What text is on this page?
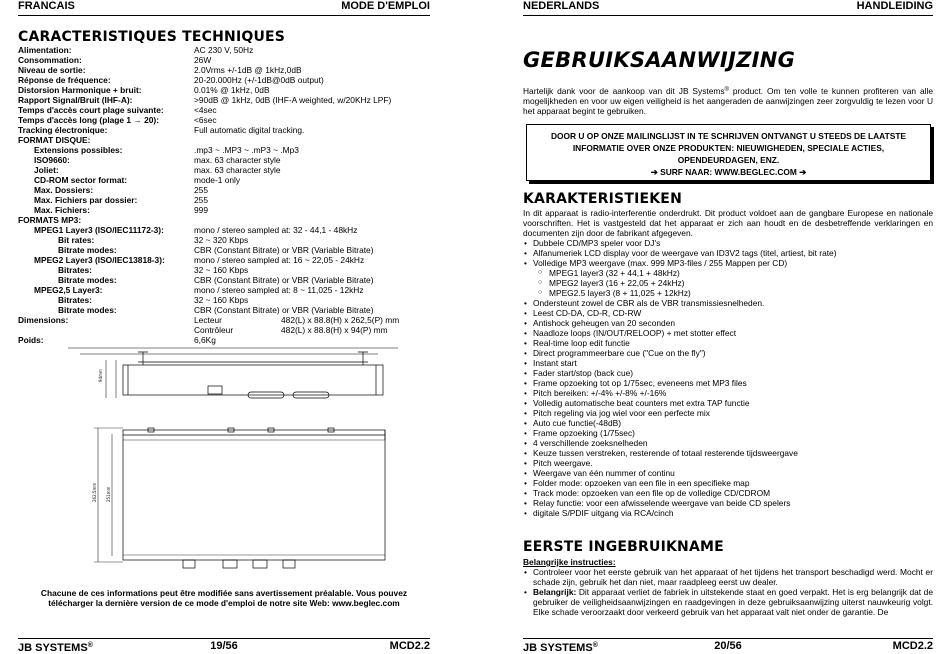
FRANCAIS	MODE D'EMPLOI
CARACTERISTIQUES TECHNIQUES
Alimentation:	AC 230 V, 50Hz
Consommation:	26W
Niveau de sortie:	2.0Vrms +/-1dB @ 1kHz,0dB
Réponse de fréquence:	20-20.000Hz (+/-1dB@0dB output)
Distorsion Harmonique + bruit:	0.01% @ 1kHz, 0dB
Rapport Signal/Bruit (IHF-A):	>90dB @ 1kHz, 0dB (IHF-A weighted, w/20KHz LPF)
Temps d'accès court plage suivante:	<4sec
Temps d'accès long (plage 1 → 20):	<6sec
Tracking électronique:	Full automatic digital tracking.
FORMAT DISQUE:
Extensions possibles:	.mp3 ~ .MP3 ~ .mP3 ~ .Mp3
ISO9660:	max. 63 character style
Joliet:	max. 63 character style
CD-ROM sector format:	mode-1 only
Max. Dossiers:	255
Max. Fichiers par dossier:	255
Max. Fichiers:	999
FORMATS MP3:
MPEG1 Layer3 (ISO/IEC11172-3):	mono / stereo sampled at: 32 - 44,1 - 48kHz
Bit rates:	32 ~ 320 Kbps
Bitrate modes:	CBR (Constant Bitrate) or VBR (Variable Bitrate)
MPEG2 Layer3 (ISO/IEC13818-3):	mono / stereo sampled at: 16 ~ 22,05 - 24kHz
Bitrates:	32 ~ 160 Kbps
Bitrate modes:	CBR (Constant Bitrate) or VBR (Variable Bitrate)
MPEG2,5 Layer3:	mono / stereo sampled at: 8 ~ 11,025 - 12kHz
Bitrates:	32 ~ 160 Kbps
Bitrate modes:	CBR (Constant Bitrate) or VBR (Variable Bitrate)
Dimensions:	Lecteur	482(L) x 88.8(H) x 262,5(P) mm
Contrôleur	482(L) x 88.8(H) x 94(P) mm
Poids:	6,6Kg
94mm
262.5mm 251mm
Chacune de ces informations peut être modifiée sans avertissement préalable. Vous pouvez télécharger la dernière version de ce mode d'emploi de notre site Web: www.beglec.com
JB SYSTEMS®	19/56	MCD2.2
NEDERLANDS	HANDLEIDING
GEBRUIKSAANWIJZING
Hartelijk dank voor de aankoop van dit JB Systems® product. Om ten volle te kunnen profiteren van alle mogelijkheden en voor uw eigen veiligheid is het aangeraden de aanwijzingen zeer zorgvuldig te lezen voor U het apparaat begint te gebruiken.
DOOR U OP ONZE MAILINGLIJST IN TE SCHRIJVEN ONTVANGT U STEEDS DE LAATSTE INFORMATIE OVER ONZE PRODUKTEN: NIEUWIGHEDEN, SPECIALE ACTIES, OPENDEURDAGEN, ENZ.
➔ SURF NAAR: WWW.BEGLEC.COM ➔
KARAKTERISTIEKEN
In dit apparaat is radio-interferentie onderdrukt. Dit product voldoet aan de gangbare Europese en nationale voorschriften. Het is vastgesteld dat het apparaat er zich aan houdt en de desbetreffende verklaringen en documenten zijn door de fabrikant afgegeven.
• Dubbele CD/MP3 speler voor DJ's
• Alfanumeriek LCD display voor de weergave van ID3V2 tags (titel, artiest, bit rate)
• Volledige MP3 weergave (max. 999 MP3-files / 255 Mappen per CD)
○ MPEG1 layer3 (32 + 44,1 + 48kHz)
○ MPEG2 layer3 (16 + 22,05 + 24kHz)
○ MPEG2.5 layer3 (8 + 11,025 + 12kHz)
• Ondersteunt zowel de CBR als de VBR transmissiesnelheden.
• Leest CD-DA, CD-R, CD-RW
• Antishock geheugen van 20 seconden
• Naadloze loops (IN/OUT/RELOOP) + met stotter effect
• Real-time loop edit functie
• Direct programmeerbare cue ("Cue on the fly")
• Instant start
• Fader start/stop (back cue)
• Frame opzoeking tot op 1/75sec, eveneens met MP3 files
• Pitch bereiken: +/-4% +/-8% +/-16%
• Volledig automatische beat counters met extra TAP functie
• Pitch regeling via jog wiel voor een perfecte mix
• Auto cue functie(-48dB)
• Frame opzoeking (1/75sec)
• 4 verschillende zoeksnelheden
• Keuze tussen verstreken, resterende of totaal resterende tijdsweergave
• Pitch weergave.
• Weergave van één nummer of continu
• Folder mode: opzoeken van een file in een specifieke map
• Track mode: opzoeken van een file op de volledige CD/CDROM
• Relay functie: voor een afwisselende weergave van beide CD spelers
• digitale S/PDIF uitgang via RCA/cinch
EERSTE INGEBRUIKNAME
Belangrijke instructies:
• Controleer voor het eerste gebruik van het apparaat of het tijdens het transport beschadigd werd. Mocht er schade zijn, gebruik het dan niet, maar raadpleeg eerst uw dealer.
• Belangrijk: Dit apparaat verliet de fabriek in uitstekende staat en goed verpakt. Het is erg belangrijk dat de gebruiker de veiligheidsaanwijzingen en raadgevingen in deze gebruiksaanwijzing uiterst nauwkeurig volgt. Elke schade veroorzaakt door verkeerd gebruik van het apparaat valt niet onder de garantie. De
JB SYSTEMS®	20/56	MCD2.2
